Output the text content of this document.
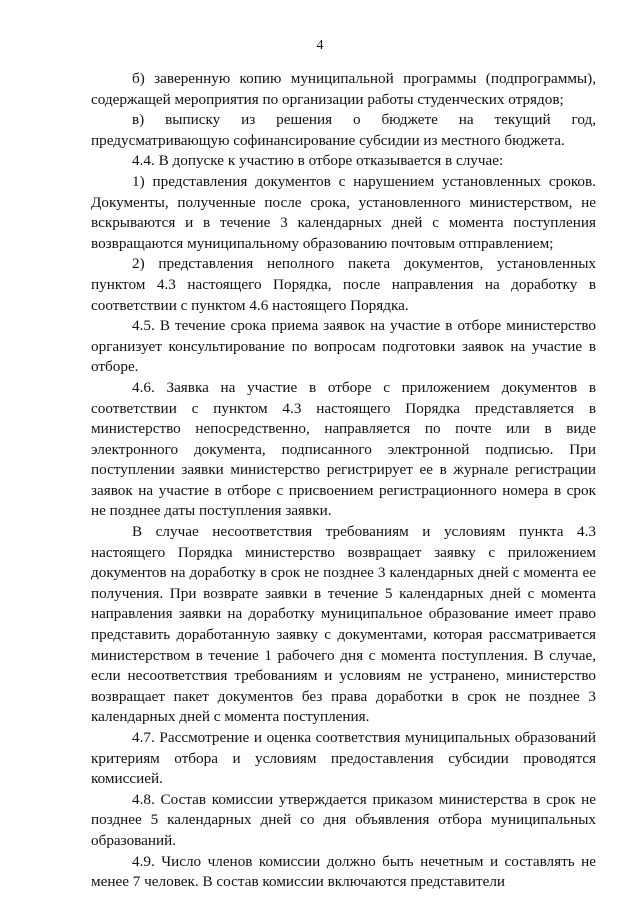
4

б) заверенную копию муниципальной программы (подпрограммы), содержащей мероприятия по организации работы студенческих отрядов;

в) выписку из решения о бюджете на текущий год, предусматривающую софинансирование субсидии из местного бюджета.

4.4. В допуске к участию в отборе отказывается в случае:

1) представления документов с нарушением установленных сроков. Документы, полученные после срока, установленного министерством, не вскрываются и в течение 3 календарных дней с момента поступления возвращаются муниципальному образованию почтовым отправлением;

2) представления неполного пакета документов, установленных пунктом 4.3 настоящего Порядка, после направления на доработку в соответствии с пунктом 4.6 настоящего Порядка.

4.5. В течение срока приема заявок на участие в отборе министерство организует консультирование по вопросам подготовки заявок на участие в отборе.

4.6. Заявка на участие в отборе с приложением документов в соответствии с пунктом 4.3 настоящего Порядка представляется в министерство непосредственно, направляется по почте или в виде электронного документа, подписанного электронной подписью. При поступлении заявки министерство регистрирует ее в журнале регистрации заявок на участие в отборе с присвоением регистрационного номера в срок не позднее даты поступления заявки.

В случае несоответствия требованиям и условиям пункта 4.3 настоящего Порядка министерство возвращает заявку с приложением документов на доработку в срок не позднее 3 календарных дней с момента ее получения. При возврате заявки в течение 5 календарных дней с момента направления заявки на доработку муниципальное образование имеет право представить доработанную заявку с документами, которая рассматривается министерством в течение 1 рабочего дня с момента поступления. В случае, если несоответствия требованиям и условиям не устранено, министерство возвращает пакет документов без права доработки в срок не позднее 3 календарных дней с момента поступления.

4.7. Рассмотрение и оценка соответствия муниципальных образований критериям отбора и условиям предоставления субсидии проводятся комиссией.

4.8. Состав комиссии утверждается приказом министерства в срок не позднее 5 календарных дней со дня объявления отбора муниципальных образований.

4.9. Число членов комиссии должно быть нечетным и составлять не менее 7 человек. В состав комиссии включаются представители
